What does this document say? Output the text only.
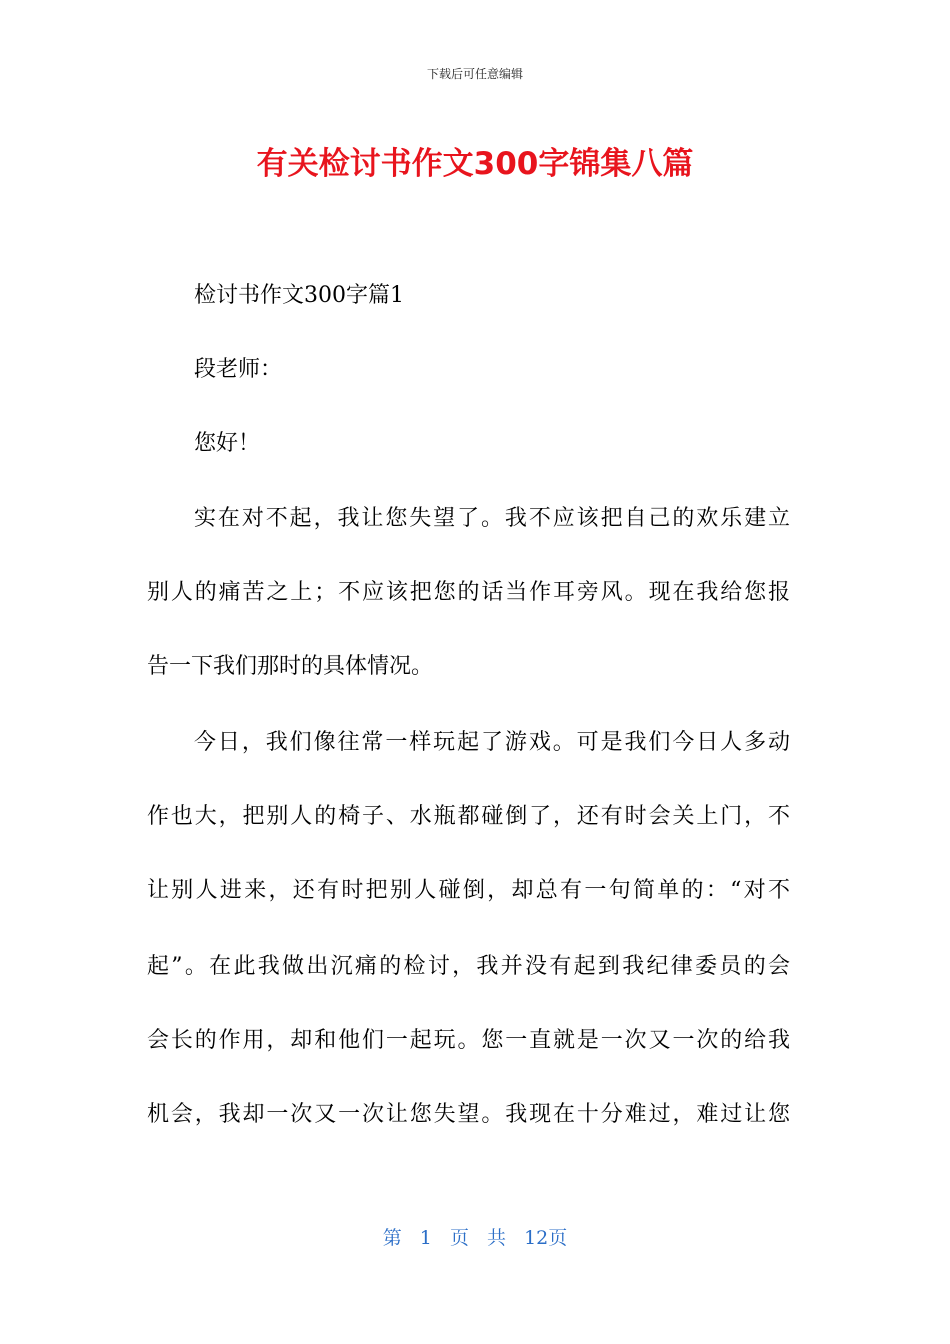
下载后可任意编辑
有关检讨书作文300字锦集八篇

检讨书作文300字篇1

段老师：

您好！

实在对不起，我让您失望了。我不应该把自己的欢乐建立

别人的痛苦之上；不应该把您的话当作耳旁风。现在我给您报

告一下我们那时的具体情况。

今日，我们像往常一样玩起了游戏。可是我们今日人多动

作也大，把别人的椅子、水瓶都碰倒了，还有时会关上门，不

让别人进来，还有时把别人碰倒，却总有一句简单的：“对不

起”。在此我做出沉痛的检讨，我并没有起到我纪律委员的会

会长的作用，却和他们一起玩。您一直就是一次又一次的给我

机会，我却一次又一次让您失望。我现在十分难过，难过让您

第 1 页 共 12页
